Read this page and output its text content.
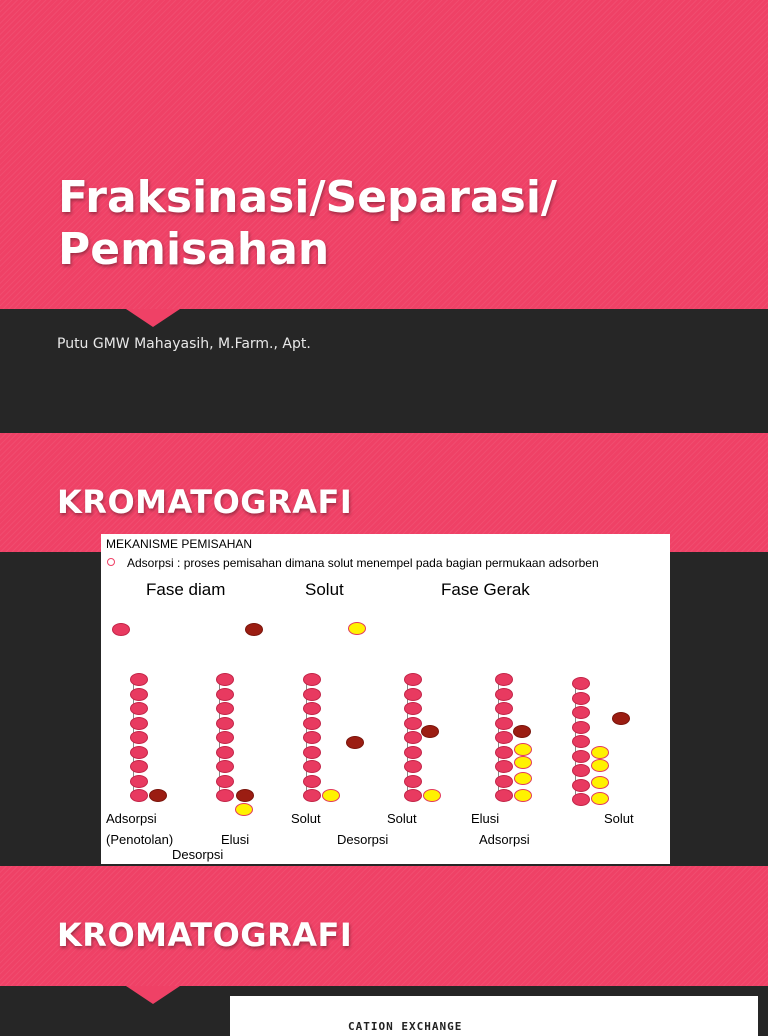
Fraksinasi/Separasi/ Pemisahan
Putu GMW Mahayasih, M.Farm., Apt.
KROMATOGRAFI
MEKANISME PEMISAHAN
Adsorpsi : proses pemisahan dimana solut menempel pada bagian permukaan adsorben
Fase diam	Solut	Fase Gerak
Adsorpsi
(Penotolan)	Elusi
Desorpsi
Solut
Desorpsi
Solut	Elusi
Adsorpsi
Solut
KROMATOGRAFI
CATION EXCHANGE
